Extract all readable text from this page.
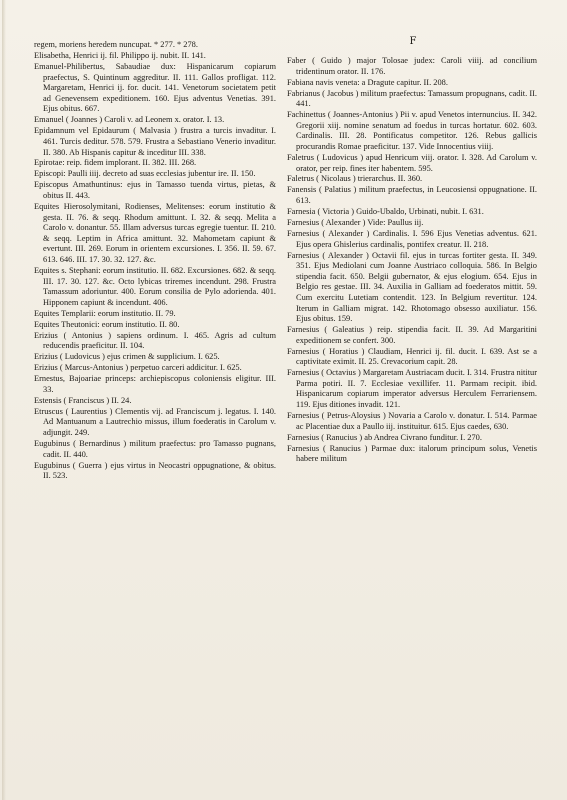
F
regem, moriens heredem nuncupat. * 277. * 278.
Elisabetha, Henrici ij. fil. Philippo ij. nubit. II. 141.
Emanuel-Philibertus, Sabaudiae dux: Hispanicarum copiarum praefectus, S. Quintinum aggreditur. II. 111. Gallos profligat. 112. Margaretam, Henrici ij. for. ducit. 141. Venetorum societatem petit ad Genevensem expeditionem. 160. Ejus adventus Venetias. 391. Ejus obitus. 667.
Emanuel ( Joannes ) Caroli v. ad Leonem x. orator. I. 13.
Epidamnum vel Epidaurum ( Malvasia ) frustra a turcis invaditur. I. 461. Turcis deditur. 578. 579. Frustra a Sebastiano Venerio invaditur. II. 380. Ab Hispanis capitur & inceditur III. 338.
Epirotae: reip. fidem implorant. II. 382. III. 268.
Episcopi: Paulli iiij. decreto ad suas ecclesias jubentur ire. II. 150.
Episcopus Amathuntinus: ejus in Tamasso tuenda virtus, pietas, & obitus II. 443.
Equites Hierosolymitani, Rodienses, Melitenses: eorum institutio & gesta. II. 76. & seqq. Rhodum amittunt. I. 32. & seqq. Melita a Carolo v. donantur. 55. Illam adversus turcas egregie tuentur. II. 210. & seqq. Leptim in Africa amittunt. 32. Mahometam capiunt & evertunt. III. 269. Eorum in orientem excursiones. I. 356. II. 59. 67. 613. 646. III. 17. 30. 32. 127. &c.
Equites s. Stephani: eorum institutio. II. 682. Excursiones. 682. & seqq. III. 17. 30. 127. &c. Octo lybicas triremes incendunt. 298. Frustra Tamassum adoriuntur. 400. Eorum consilia de Pylo adorienda. 401. Hipponem capiunt & incendunt. 406.
Equites Templarii: eorum institutio. II. 79.
Equites Theutonici: eorum institutio. II. 80.
Erizius ( Antonius ) sapiens ordinum. I. 465. Agris ad cultum reducendis praeficitur. II. 104.
Erizius ( Ludovicus ) ejus crimen & supplicium. I. 625.
Erizius ( Marcus-Antonius ) perpetuo carceri addicitur. I. 625.
Ernestus, Bajoariae princeps: archiepiscopus coloniensis eligitur. III. 33.
Estensis ( Franciscus ) II. 24.
Etruscus ( Laurentius ) Clementis vij. ad Franciscum j. legatus. I. 140. Ad Mantuanum a Lautrechio missus, illum foederatis in Carolum v. adjungit. 249.
Eugubinus ( Bernardinus ) militum praefectus: pro Tamasso pugnans, cadit. II. 440.
Eugubinus ( Guerra ) ejus virtus in Neocastri oppugnatione, & obitus. II. 523.
Faber ( Guido ) major Tolosae judex: Caroli viiij. ad concilium tridentinum orator. II. 176.
Fabiana navis veneta: a Dragute capitur. II. 208.
Fabrianus ( Jacobus ) militum praefectus: Tamassum propugnans, cadit. II. 441.
Fachinettus ( Joannes-Antonius ) Pii v. apud Venetos internuncius. II. 342. Gregorii xiij. nomine senatum ad foedus in turcas hortatur. 602. 603. Cardinalis. III. 28. Pontificatus competitor. 126. Rebus gallicis procurandis Romae praeficitur. 137. Vide Innocentius viiij.
Faletrus ( Ludovicus ) apud Henricum viij. orator. I. 328. Ad Carolum v. orator, per reip. fines iter habentem. 595.
Faletrus ( Nicolaus ) trierarchus. II. 360.
Fanensis ( Palatius ) militum praefectus, in Leucosiensi oppugnatione. II. 613.
Farnesia ( Victoria ) Guido-Ubaldo, Urbinati, nubit. I. 631.
Farnesius ( Alexander ) Vide: Paullus iij.
Farnesius ( Alexander ) Cardinalis. I. 596 Ejus Venetias adventus. 621. Ejus opera Ghislerius cardinalis, pontifex creatur. II. 218.
Farnesius ( Alexander ) Octavii fil. ejus in turcas fortiter gesta. II. 349. 351. Ejus Mediolani cum Joanne Austriaco colloquia. 586. In Belgio stipendia facit. 650. Belgii gubernator, & ejus elogium. 654. Ejus in Belgio res gestae. III. 34. Auxilia in Galliam ad foederatos mittit. 59. Cum exercitu Lutetiam contendit. 123. In Belgium revertitur. 124. Iterum in Galliam migrat. 142. Rhotomago obsesso auxiliatur. 156. Ejus obitus. 159.
Farnesius ( Galeatius ) reip. stipendia facit. II. 39. Ad Margaritini expeditionem se confert. 300.
Farnesius ( Horatius ) Claudiam, Henrici ij. fil. ducit. I. 639. Ast se a captivitate eximit. II. 25. Crevacorium capit. 28.
Farnesius ( Octavius ) Margaretam Austriacam ducit. I. 314. Frustra nititur Parma potiri. II. 7. Ecclesiae vexillifer. 11. Parmam recipit. ibid. Hispanicarum copiarum imperator adversus Herculem Ferrariensem. 119. Ejus ditiones invadit. 121.
Farnesius ( Petrus-Aloysius ) Novaria a Carolo v. donatur. I. 514. Parmae ac Placentiae dux a Paullo iij. instituitur. 615. Ejus caedes, 630.
Farnesius ( Ranucius ) ab Andrea Civrano funditur. I. 270.
Farnesius ( Ranucius ) Parmae dux: italorum principum solus, Venetis habere militum
